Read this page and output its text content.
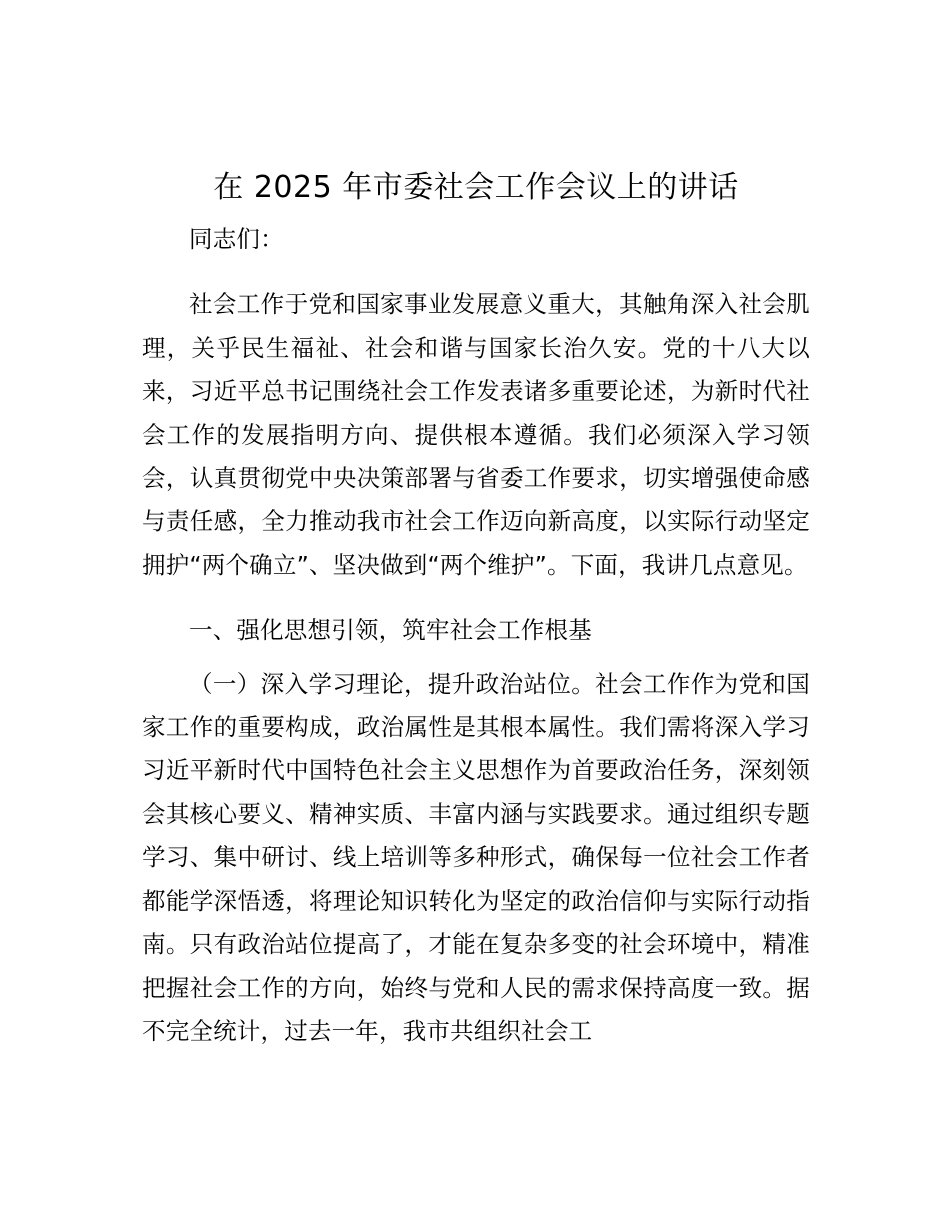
在 2025 年市委社会工作会议上的讲话

同志们：

社会工作于党和国家事业发展意义重大，其触角深入社会肌理，关乎民生福祉、社会和谐与国家长治久安。党的十八大以来，习近平总书记围绕社会工作发表诸多重要论述，为新时代社会工作的发展指明方向、提供根本遵循。我们必须深入学习领会，认真贯彻党中央决策部署与省委工作要求，切实增强使命感与责任感，全力推动我市社会工作迈向新高度，以实际行动坚定拥护“两个确立”、坚决做到“两个维护”。下面，我讲几点意见。

一、强化思想引领，筑牢社会工作根基

（一）深入学习理论，提升政治站位。社会工作作为党和国家工作的重要构成，政治属性是其根本属性。我们需将深入学习习近平新时代中国特色社会主义思想作为首要政治任务，深刻领会其核心要义、精神实质、丰富内涵与实践要求。通过组织专题学习、集中研讨、线上培训等多种形式，确保每一位社会工作者都能学深悟透，将理论知识转化为坚定的政治信仰与实际行动指南。只有政治站位提高了，才能在复杂多变的社会环境中，精准把握社会工作的方向，始终与党和人民的需求保持高度一致。据不完全统计，过去一年，我市共组织社会工
